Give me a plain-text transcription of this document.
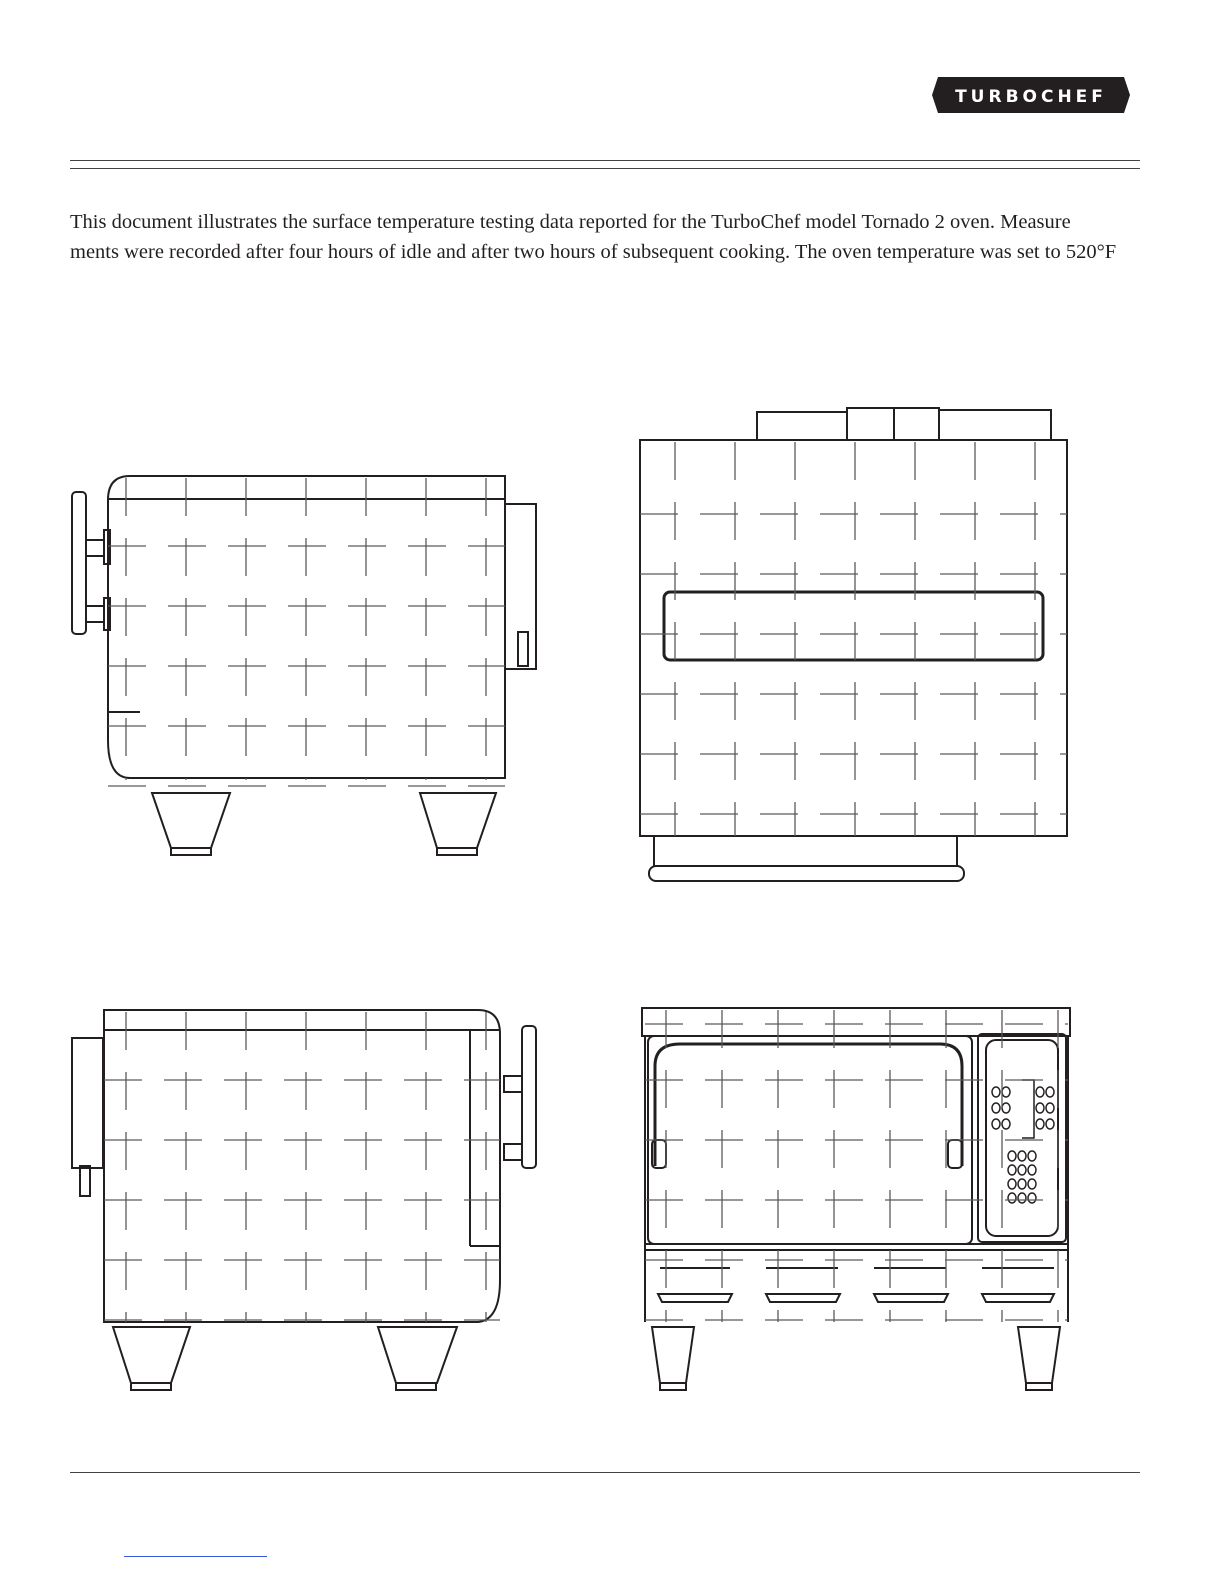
TURBOCHEF

This document illustrates the surface temperature testing data reported for the TurboChef model Tornado 2 oven. Measure

ments were recorded after four hours of idle and after two hours of subsequent cooking. The oven temperature was set to 520°F
